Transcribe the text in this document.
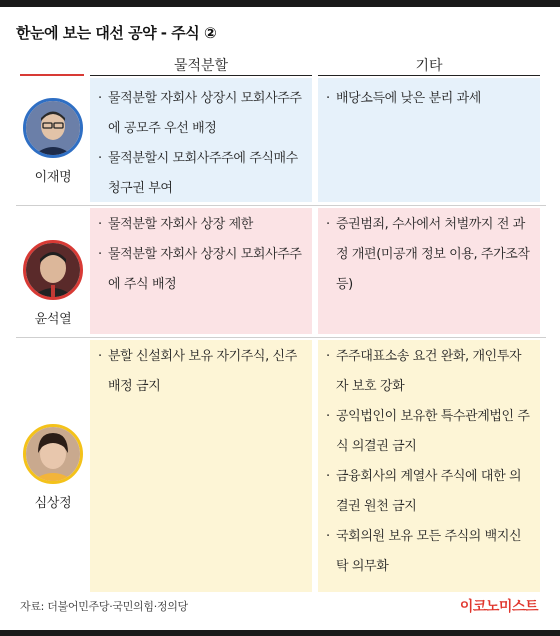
한눈에 보는 대선 공약 - 주식 ②
물적분할	기타
이재명
· 물적분할 자회사 상장시 모회사주주에 공모주 우선 배정
· 물적분할시 모회사주주에 주식매수청구권 부여
· 배당소득에 낮은 분리 과세
윤석열
· 물적분할 자회사 상장 제한
· 물적분할 자회사 상장시 모회사주주에 주식 배정
· 증권범죄, 수사에서 처벌까지 전 과정 개편(미공개 정보 이용, 주가조작 등)
심상정
· 분할 신설회사 보유 자기주식, 신주 배정 금지
· 주주대표소송 요건 완화, 개인투자자 보호 강화
· 공익법인이 보유한 특수관계법인 주식 의결권 금지
· 금융회사의 계열사 주식에 대한 의결권 원천 금지
· 국회의원 보유 모든 주식의 백지신탁 의무화
자료: 더불어민주당·국민의힘·정의당	이코노미스트
